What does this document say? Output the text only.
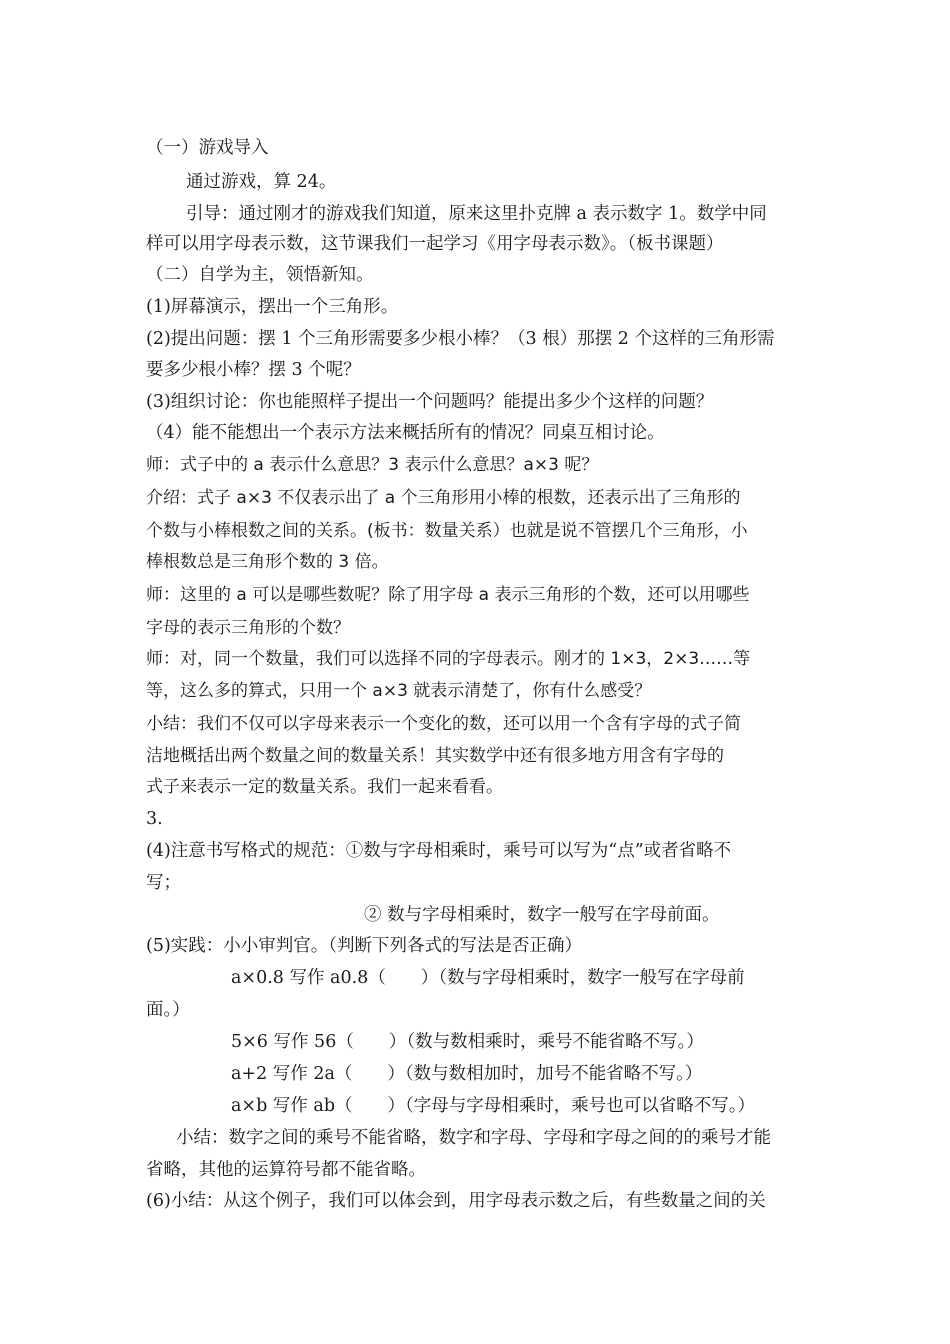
（一）游戏导入
通过游戏，算 24。
引导：通过刚才的游戏我们知道，原来这里扑克牌 a 表示数字 1。数学中同
样可以用字母表示数，这节课我们一起学习《用字母表示数》。（板书课题）
（二）自学为主，领悟新知。
(1)屏幕演示，摆出一个三角形。
(2)提出问题：摆 1 个三角形需要多少根小棒？（3 根）那摆 2 个这样的三角形需
要多少根小棒？摆 3 个呢？
(3)组织讨论：你也能照样子提出一个问题吗？能提出多少个这样的问题？
（4）能不能想出一个表示方法来概括所有的情况？同桌互相讨论。
师：式子中的 a 表示什么意思？3 表示什么意思？a×3 呢？
介绍：式子 a×3 不仅表示出了 a 个三角形用小棒的根数，还表示出了三角形的
个数与小棒根数之间的关系。(板书：数量关系）也就是说不管摆几个三角形，小
棒根数总是三角形个数的 3 倍。
师：这里的 a 可以是哪些数呢？除了用字母 a 表示三角形的个数，还可以用哪些
字母的表示三角形的个数？
师：对，同一个数量，我们可以选择不同的字母表示。刚才的 1×3，2×3……等
等，这么多的算式，只用一个 a×3 就表示清楚了，你有什么感受？
小结：我们不仅可以字母来表示一个变化的数，还可以用一个含有字母的式子简
洁地概括出两个数量之间的数量关系！其实数学中还有很多地方用含有字母的
式子来表示一定的数量关系。我们一起来看看。
3.
(4)注意书写格式的规范：①数与字母相乘时，乘号可以写为“点”或者省略不
写；
② 数与字母相乘时，数字一般写在字母前面。
(5)实践：小小审判官。（判断下列各式的写法是否正确）
a×0.8 写作 a0.8（　　）（数与字母相乘时，数字一般写在字母前
面。）
5×6 写作 56（　　）（数与数相乘时，乘号不能省略不写。）
a+2 写作 2a（　　）（数与数相加时，加号不能省略不写。）
a×b 写作 ab（　　）（字母与字母相乘时，乘号也可以省略不写。）
小结：数字之间的乘号不能省略，数字和字母、字母和字母之间的的乘号才能
省略，其他的运算符号都不能省略。
(6)小结：从这个例子，我们可以体会到，用字母表示数之后，有些数量之间的关
